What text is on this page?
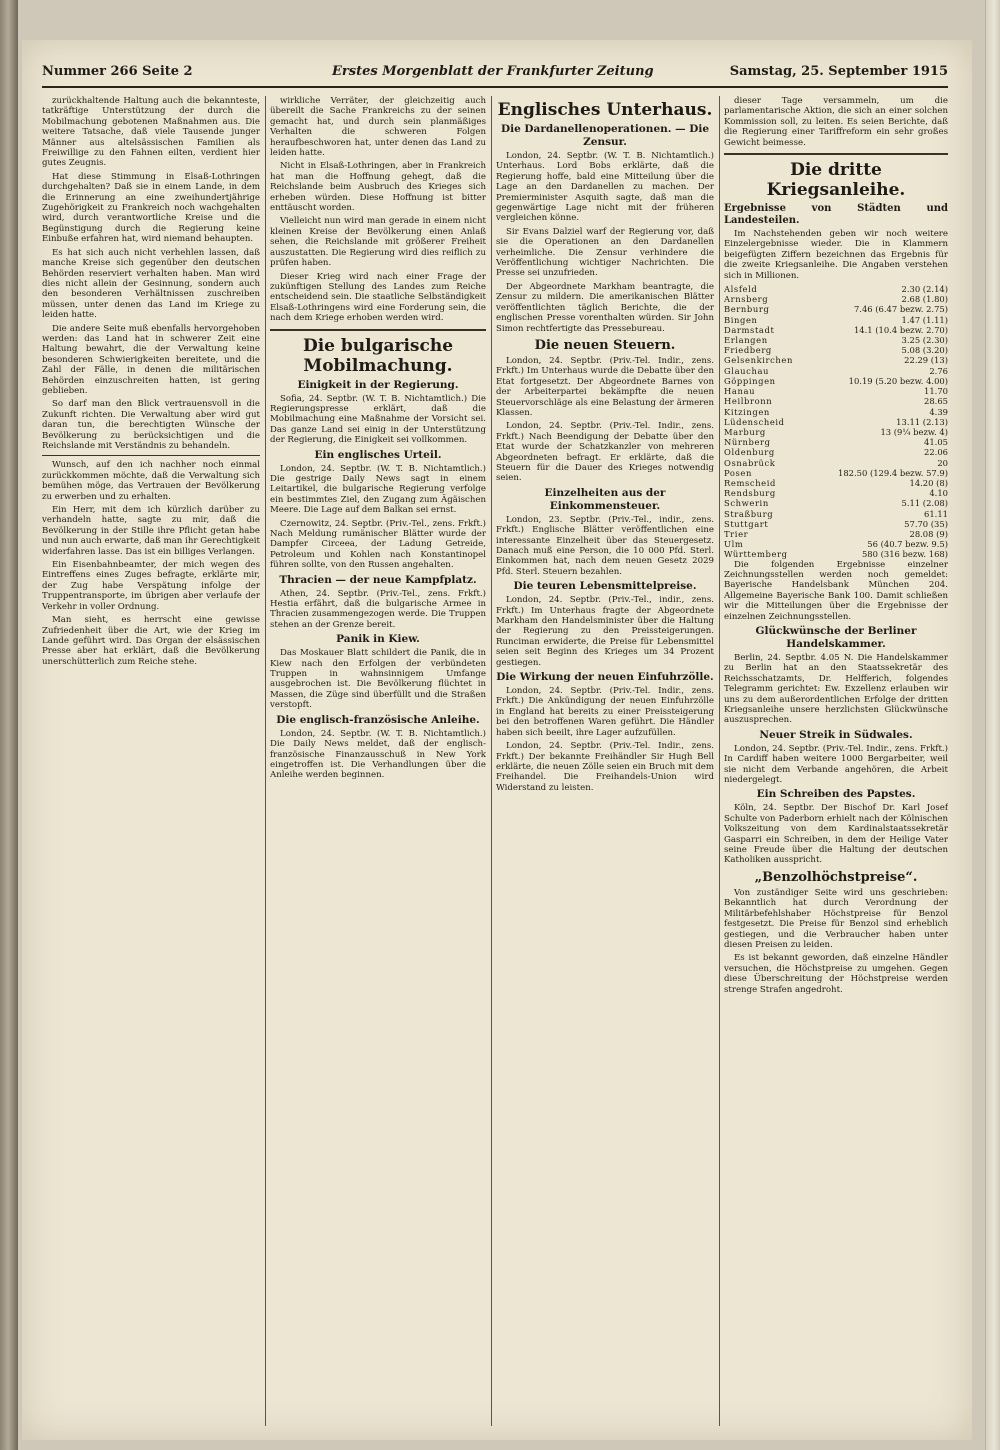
Nummer 266 Seite 2	Erstes Morgenblatt der Frankfurter Zeitung	Samstag, 25. September 1915

zurückhaltende Haltung auch die bekannteste, tatkräftige Unterstützung der durch die Mobilmachung gebotenen Maßnahmen aus. Die weitere Tatsache, daß viele Tausende junger Männer aus altelsässischen Familien als Freiwillige zu den Fahnen eilten, verdient hier gutes Zeugnis.

Hat diese Stimmung in Elsaß-Lothringen durchgehalten? Daß sie in einem Lande, in dem die Erinnerung an eine zweihundertjährige Zugehörigkeit zu Frankreich noch wachgehalten wird, durch verantwortliche Kreise und die Begünstigung durch die Regierung keine Einbuße erfahren hat, wird niemand behaupten.

Es hat sich auch nicht verhehlen lassen, daß manche Kreise sich gegenüber den deutschen Behörden reserviert verhalten haben. Man wird dies nicht allein der Gesinnung, sondern auch den besonderen Verhältnissen zuschreiben müssen, unter denen das Land im Kriege zu leiden hatte.

Die andere Seite muß ebenfalls hervorgehoben werden: das Land hat in schwerer Zeit eine Haltung bewahrt, die der Verwaltung keine besonderen Schwierigkeiten bereitete, und die Zahl der Fälle, in denen die militärischen Behörden einzuschreiten hatten, ist gering geblieben.

So darf man den Blick vertrauensvoll in die Zukunft richten. Die Verwaltung aber wird gut daran tun, die berechtigten Wünsche der Bevölkerung zu berücksichtigen und die Reichslande mit Verständnis zu behandeln.

Wunsch, auf den ich nachher noch einmal zurückkommen möchte, daß die Verwaltung sich bemühen möge, das Vertrauen der Bevölkerung zu erwerben und zu erhalten.

Ein Herr, mit dem ich kürzlich darüber zu verhandeln hatte, sagte zu mir, daß die Bevölkerung in der Stille ihre Pflicht getan habe und nun auch erwarte, daß man ihr Gerechtigkeit widerfahren lasse. Das ist ein billiges Verlangen.

Ein Eisenbahnbeamter, der mich wegen des Eintreffens eines Zuges befragte, erklärte mir, der Zug habe Verspätung infolge der Truppentransporte, im übrigen aber verlaufe der Verkehr in voller Ordnung.

Man sieht, es herrscht eine gewisse Zufriedenheit über die Art, wie der Krieg im Lande geführt wird. Das Organ der elsässischen Presse aber hat erklärt, daß die Bevölkerung unerschütterlich zum Reiche stehe.

wirkliche Verräter, der gleichzeitig auch übereilt die Sache Frankreichs zu der seinen gemacht hat, und durch sein planmäßiges Verhalten die schweren Folgen heraufbeschworen hat, unter denen das Land zu leiden hatte.

Nicht in Elsaß-Lothringen, aber in Frankreich hat man die Hoffnung gehegt, daß die Reichslande beim Ausbruch des Krieges sich erheben würden. Diese Hoffnung ist bitter enttäuscht worden.

Vielleicht nun wird man gerade in einem nicht kleinen Kreise der Bevölkerung einen Anlaß sehen, die Reichslande mit größerer Freiheit auszustatten. Die Regierung wird dies reiflich zu prüfen haben.

Dieser Krieg wird nach einer Frage der zukünftigen Stellung des Landes zum Reiche entscheidend sein. Die staatliche Selbständigkeit Elsaß-Lothringens wird eine Forderung sein, die nach dem Kriege erhoben werden wird.

Die bulgarische Mobilmachung.
Einigkeit in der Regierung.

Sofia, 24. Septbr. (W. T. B. Nichtamtlich.) Die Regierungspresse erklärt, daß die Mobilmachung eine Maßnahme der Vorsicht sei. Das ganze Land sei einig in der Unterstützung der Regierung, die Einigkeit sei vollkommen.

Ein englisches Urteil.

London, 24. Septbr. (W. T. B. Nichtamtlich.) Die gestrige Daily News sagt in einem Leitartikel, die bulgarische Regierung verfolge ein bestimmtes Ziel, den Zugang zum Ägäischen Meere. Die Lage auf dem Balkan sei ernst.

Czernowitz, 24. Septbr. (Priv.-Tel., zens. Frkft.) Nach Meldung rumänischer Blätter wurde der Dampfer Circeea, der Ladung Getreide, Petroleum und Kohlen nach Konstantinopel führen sollte, von den Russen angehalten.

Thracien — der neue Kampfplatz.

Athen, 24. Septbr. (Priv.-Tel., zens. Frkft.) Hestia erfährt, daß die bulgarische Armee in Thracien zusammengezogen werde. Die Truppen stehen an der Grenze bereit.

Panik in Kiew.

Das Moskauer Blatt schildert die Panik, die in Kiew nach den Erfolgen der verbündeten Truppen in wahnsinnigem Umfange ausgebrochen ist. Die Bevölkerung flüchtet in Massen, die Züge sind überfüllt und die Straßen verstopft.

Die englisch-französische Anleihe.

London, 24. Septbr. (W. T. B. Nichtamtlich.) Die Daily News meldet, daß der englisch-französische Finanzausschuß in New York eingetroffen ist. Die Verhandlungen über die Anleihe werden beginnen.

Englisches Unterhaus.
Die Dardanellenoperationen. — Die Zensur.

London, 24. Septbr. (W. T. B. Nichtamtlich.) Unterhaus. Lord Bobs erklärte, daß die Regierung hoffe, bald eine Mitteilung über die Lage an den Dardanellen zu machen. Der Premierminister Asquith sagte, daß man die gegenwärtige Lage nicht mit der früheren vergleichen könne.

Sir Evans Dalziel warf der Regierung vor, daß sie die Operationen an den Dardanellen verheimliche. Die Zensur verhindere die Veröffentlichung wichtiger Nachrichten. Die Presse sei unzufrieden.

Der Abgeordnete Markham beantragte, die Zensur zu mildern. Die amerikanischen Blätter veröffentlichten täglich Berichte, die der englischen Presse vorenthalten würden. Sir John Simon rechtfertigte das Pressebureau.

Die neuen Steuern.

London, 24. Septbr. (Priv.-Tel. Indir., zens. Frkft.) Im Unterhaus wurde die Debatte über den Etat fortgesetzt. Der Abgeordnete Barnes von der Arbeiterpartei bekämpfte die neuen Steuervorschläge als eine Belastung der ärmeren Klassen.

London, 24. Septbr. (Priv.-Tel. Indir., zens. Frkft.) Nach Beendigung der Debatte über den Etat wurde der Schatzkanzler von mehreren Abgeordneten befragt. Er erklärte, daß die Steuern für die Dauer des Krieges notwendig seien.

Einzelheiten aus der Einkommensteuer.

London, 23. Septbr. (Priv.-Tel., indir., zens. Frkft.) Englische Blätter veröffentlichen eine interessante Einzelheit über das Steuergesetz. Danach muß eine Person, die 10 000 Pfd. Sterl. Einkommen hat, nach dem neuen Gesetz 2029 Pfd. Sterl. Steuern bezahlen.

Die teuren Lebensmittelpreise.

London, 24. Septbr. (Priv.-Tel., indir., zens. Frkft.) Im Unterhaus fragte der Abgeordnete Markham den Handelsminister über die Haltung der Regierung zu den Preissteigerungen. Runciman erwiderte, die Preise für Lebensmittel seien seit Beginn des Krieges um 34 Prozent gestiegen.

Die Wirkung der neuen Einfuhrzölle.

London, 24. Septbr. (Priv.-Tel. Indir., zens. Frkft.) Die Ankündigung der neuen Einfuhrzölle in England hat bereits zu einer Preissteigerung bei den betroffenen Waren geführt. Die Händler haben sich beeilt, ihre Lager aufzufüllen.

London, 24. Septbr. (Priv.-Tel. Indir., zens. Frkft.) Der bekannte Freihändler Sir Hugh Bell erklärte, die neuen Zölle seien ein Bruch mit dem Freihandel. Die Freihandels-Union wird Widerstand zu leisten.

dieser Tage versammeln, um die parlamentarische Aktion, die sich an einer solchen Kommission soll, zu leiten. Es seien Berichte, daß die Regierung einer Tariffreform ein sehr großes Gewicht beimesse.

Die dritte Kriegsanleihe.
Ergebnisse von Städten und Landesteilen.

Im Nachstehenden geben wir noch weitere Einzelergebnisse wieder. Die in Klammern beigefügten Ziffern bezeichnen das Ergebnis für die zweite Kriegsanleihe. Die Angaben verstehen sich in Millionen.

Alsfeld	2.30 (2.14)
Arnsberg	2.68 (1.80)
Bernburg	7.46 (6.47 bezw. 2.75)
Bingen	1.47 (1.11)
Darmstadt	14.1 (10.4 bezw. 2.70)
Erlangen	3.25 (2.30)
Friedberg	5.08 (3.20)
Gelsenkirchen	22.29 (13)
Glauchau	2.76
Göppingen	10.19 (5.20 bezw. 4.00)
Hanau	11.70
Heilbronn	28.65
Kitzingen	4.39
Lüdenscheid	13.11 (2.13)
Marburg	13 (9¼ bezw. 4)
Nürnberg	41.05
Oldenburg	22.06
Osnabrück	20
Posen	182.50 (129.4 bezw. 57.9)
Remscheid	14.20 (8)
Rendsburg	4.10
Schwerin	5.11 (2.08)
Straßburg	61.11
Stuttgart	57.70 (35)
Trier	28.08 (9)
Ulm	56 (40.7 bezw. 9.5)
Württemberg	580 (316 bezw. 168)

Die folgenden Ergebnisse einzelner Zeichnungsstellen werden noch gemeldet: Bayerische Handelsbank München 204. Allgemeine Bayerische Bank 100. Damit schließen wir die Mitteilungen über die Ergebnisse der einzelnen Zeichnungsstellen.

Glückwünsche der Berliner Handelskammer.

Berlin, 24. Septbr. 4.05 N. Die Handelskammer zu Berlin hat an den Staatssekretär des Reichsschatzamts, Dr. Helfferich, folgendes Telegramm gerichtet: Ew. Exzellenz erlauben wir uns zu dem außerordentlichen Erfolge der dritten Kriegsanleihe unsere herzlichsten Glückwünsche auszusprechen.

Neuer Streik in Südwales.

London, 24. Septbr. (Priv.-Tel. Indir., zens. Frkft.) In Cardiff haben weitere 1000 Bergarbeiter, weil sie nicht dem Verbande angehören, die Arbeit niedergelegt.

Ein Schreiben des Papstes.

Köln, 24. Septbr. Der Bischof Dr. Karl Josef Schulte von Paderborn erhielt nach der Kölnischen Volkszeitung von dem Kardinalstaatssekretär Gasparri ein Schreiben, in dem der Heilige Vater seine Freude über die Haltung der deutschen Katholiken ausspricht.

„Benzolhöchstpreise“.

Von zuständiger Seite wird uns geschrieben: Bekanntlich hat durch Verordnung der Militärbefehlshaber Höchstpreise für Benzol festgesetzt. Die Preise für Benzol sind erheblich gestiegen, und die Verbraucher haben unter diesen Preisen zu leiden.

Es ist bekannt geworden, daß einzelne Händler versuchen, die Höchstpreise zu umgehen. Gegen diese Überschreitung der Höchstpreise werden strenge Strafen angedroht.
